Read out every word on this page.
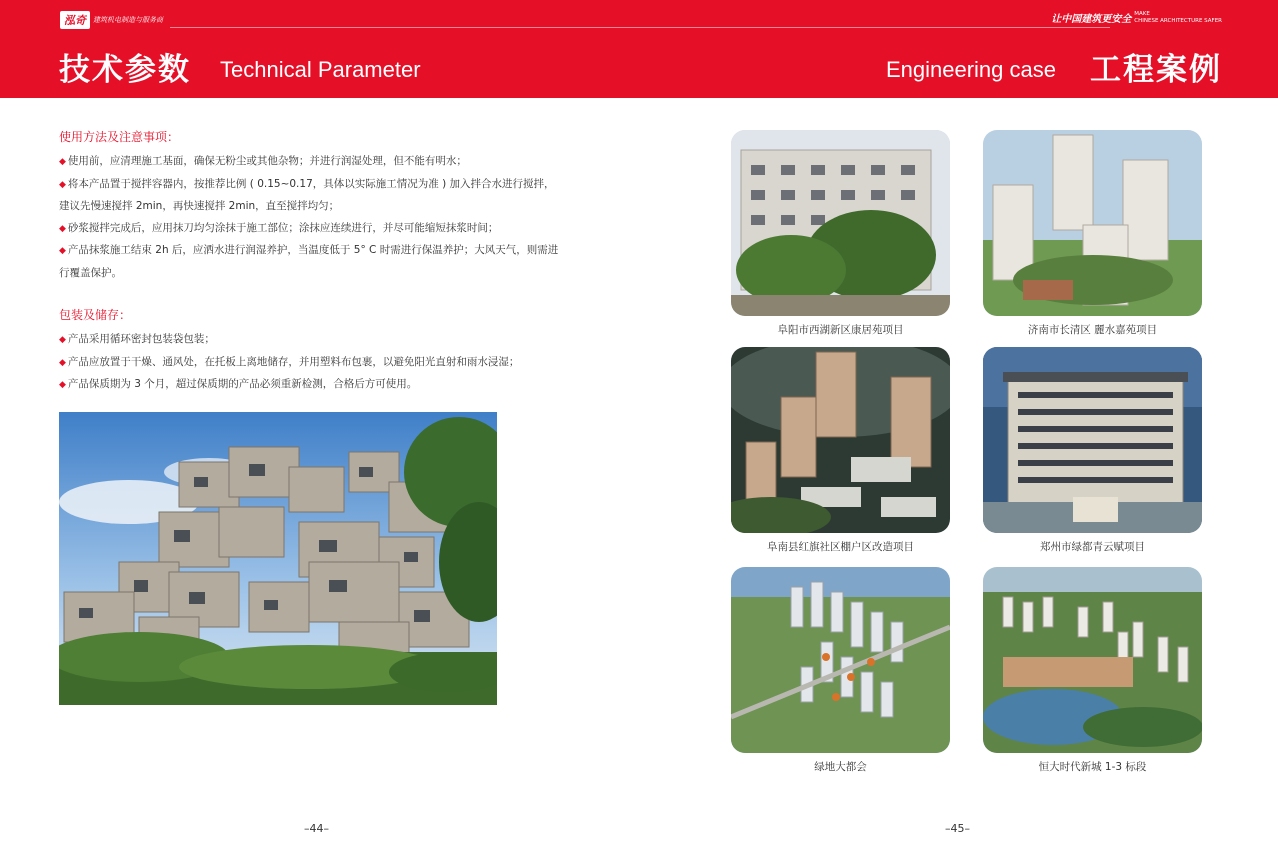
泓奇	建筑机电制造与服务商	让中国建筑更安全
MAKE
CHINESE ARCHITECTURE SAFER
技术参数 Technical Parameter	Engineering case 工程案例
使用方法及注意事项：
◆ 使用前，应清理施工基面，确保无粉尘或其他杂物；并进行润湿处理，但不能有明水；
◆ 将本产品置于搅拌容器内，按推荐比例 ( 0.15~0.17，具体以实际施工情况为准 ) 加入拌合水进行搅拌，
建议先慢速搅拌 2min，再快速搅拌 2min，直至搅拌均匀；
◆ 砂浆搅拌完成后，应用抹刀均匀涂抹于施工部位；涂抹应连续进行，并尽可能缩短抹浆时间；
◆ 产品抹浆施工结束 2h 后，应洒水进行润湿养护，当温度低于 5° C 时需进行保温养护；大风天气，则需进
行覆盖保护。
包装及储存：
◆ 产品采用循环密封包装袋包装；
◆ 产品应放置于干燥、通风处，在托板上离地储存，并用塑料布包裹，以避免阳光直射和雨水浸湿；
◆ 产品保质期为 3 个月，超过保质期的产品必须重新检测，合格后方可使用。
阜阳市西湖新区康居苑项目	济南市长清区 麗水嘉苑项目
阜南县红旗社区棚户区改造项目	郑州市绿都青云赋项目
绿地大都会	恒大时代新城 1-3 标段
–44–	–45–
